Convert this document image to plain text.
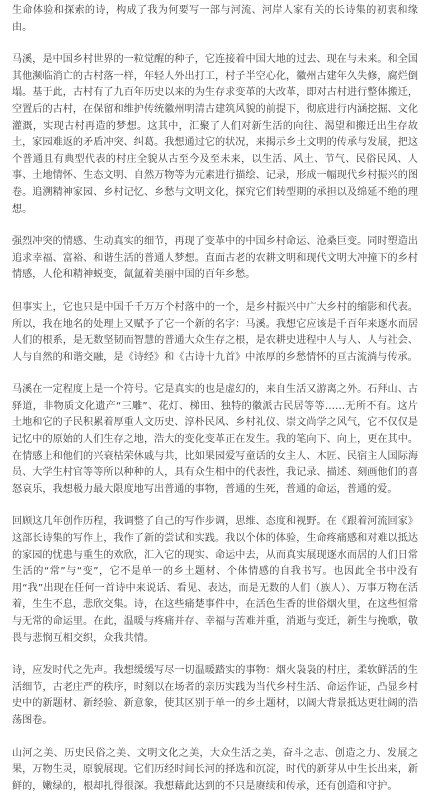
生命体验和探索的诗，构成了我为何要写一部与河流、河岸人家有关的长诗集的初衷和缘由。

马溪，是中国乡村世界的一粒觉醒的种子，它连接着中国大地的过去、现在与未来。和全国其他濒临消亡的古村落一样，年轻人外出打工，村子半空心化，徽州古建年久失修，腐烂倒塌。基于此，古村有了九百年历史以来的为生存求变革的大改革，即对古村进行整体搬迁，空置后的古村，在保留和维护传统徽州明清古建筑风貌的前提下，彻底进行内涵挖掘、文化灌溉，实现古村再造的梦想。这其中，汇聚了人们对新生活的向往、渴望和搬迁出生存故土，家园难返的矛盾冲突、纠葛。我想通过它的状况，来揭示乡土文明的传承与发展，把这个普通且有典型代表的村庄全貌从古至今及至未来，以生活、风土、节气、民俗民风、人事、土地情怀、生态文明、自然万物等为元素进行描绘、记录，形成一幅现代乡村振兴的图卷。追溯精神家园、乡村记忆、乡愁与文明文化，探究它们转型期的承担以及绵延不绝的理想。

强烈冲突的情感、生动真实的细节，再现了变革中的中国乡村命运、沧桑巨变。同时塑造出追求幸福、富裕、和谐生活的普通人梦想。直面古老的农耕文明和现代文明大冲撞下的乡村情感，人伦和精神蜕变，氤氲着美丽中国的百年乡愁。

但事实上，它也只是中国千千万万个村落中的一个，是乡村振兴中广大乡村的缩影和代表。所以，我在地名的处理上又赋予了它一个新的名字：马溪。我想它应该是千百年来逐水而居人们的根系，是无数坚韧而智慧的普通大众生存之根，是农耕史进程中人与人、人与社会、人与自然的和谐交融，是《诗经》和《古诗十九首》中浓厚的乡愁情怀的亘古流淌与传承。

马溪在一定程度上是一个符号。它是真实的也是虚幻的，来自生活又游离之外。石拜山、古驿道，非物质文化遗产“三雕”、花灯、梯田、独特的徽派古民居等等……无所不有。这片土地和它的子民积累着厚重人文历史、淳朴民风、乡村礼仪、崇文尚学之风气，它不仅仅是记忆中的原始的人们生存之地，浩大的变化变革正在发生。我的笔向下、向上，更在其中。在情感上和他们的兴衰枯荣休戚与共，比如果园爱写童话的女主人、木匠、民宿主人国际海员、大学生村官等等所以种种的人，具有众生相中的代表性，我记录、描述、刻画他们的喜怒哀乐，我想极力最大限度地写出普通的事物，普通的生死，普通的命运，普通的爱。

回顾这几年创作历程，我调整了自己的写作步调，思维、态度和视野。在《跟着河流回家》这部长诗集的写作上，我作了新的尝试和实践。我以个体的体验，生命疼痛感和对难以抵达的家园的忧患与重生的欢欣，汇入它的现实、命运中去，从而真实展现逐水而居的人们日常生活的“常”与“变”，它不是单一的乡土题材、个体情感的自我书写。也因此全书中没有用“我”出现在任何一首诗中来说话、看见、表达，而是无数的人们（族人）、万事万物在活着，生生不息，悲欣交集。诗，在这些痛楚事件中，在活色生香的世俗烟火里，在这些恒常与无常的命运里。在此，温暖与疼痛并存、幸福与苦难并重，消逝与变迁，新生与挽歌，敬畏与悲悯互相交织，众我共情。

诗，应发时代之先声。我想缓缓写尽一切温暖踏实的事物：烟火袅袅的村庄，柔软鲜活的生活细节，古老庄严的秩序，时刻以在场者的亲历实践为当代乡村生活、命运作证，凸显乡村史中的新题材、新经验、新意象，使其区别于单一的乡土题材，以阔大背景抵达更壮阔的浩荡图卷。

山河之美、历史民俗之美、文明文化之美，大众生活之美，奋斗之志、创造之力、发展之果，万物生灵，原貌展现。它们历经时间长河的择选和沉淀，时代的新芽从中生长出来，新鲜的，嫩绿的，根却扎得很深。我想藉此达到的不只是赓续和传承，还有创造和守护。
